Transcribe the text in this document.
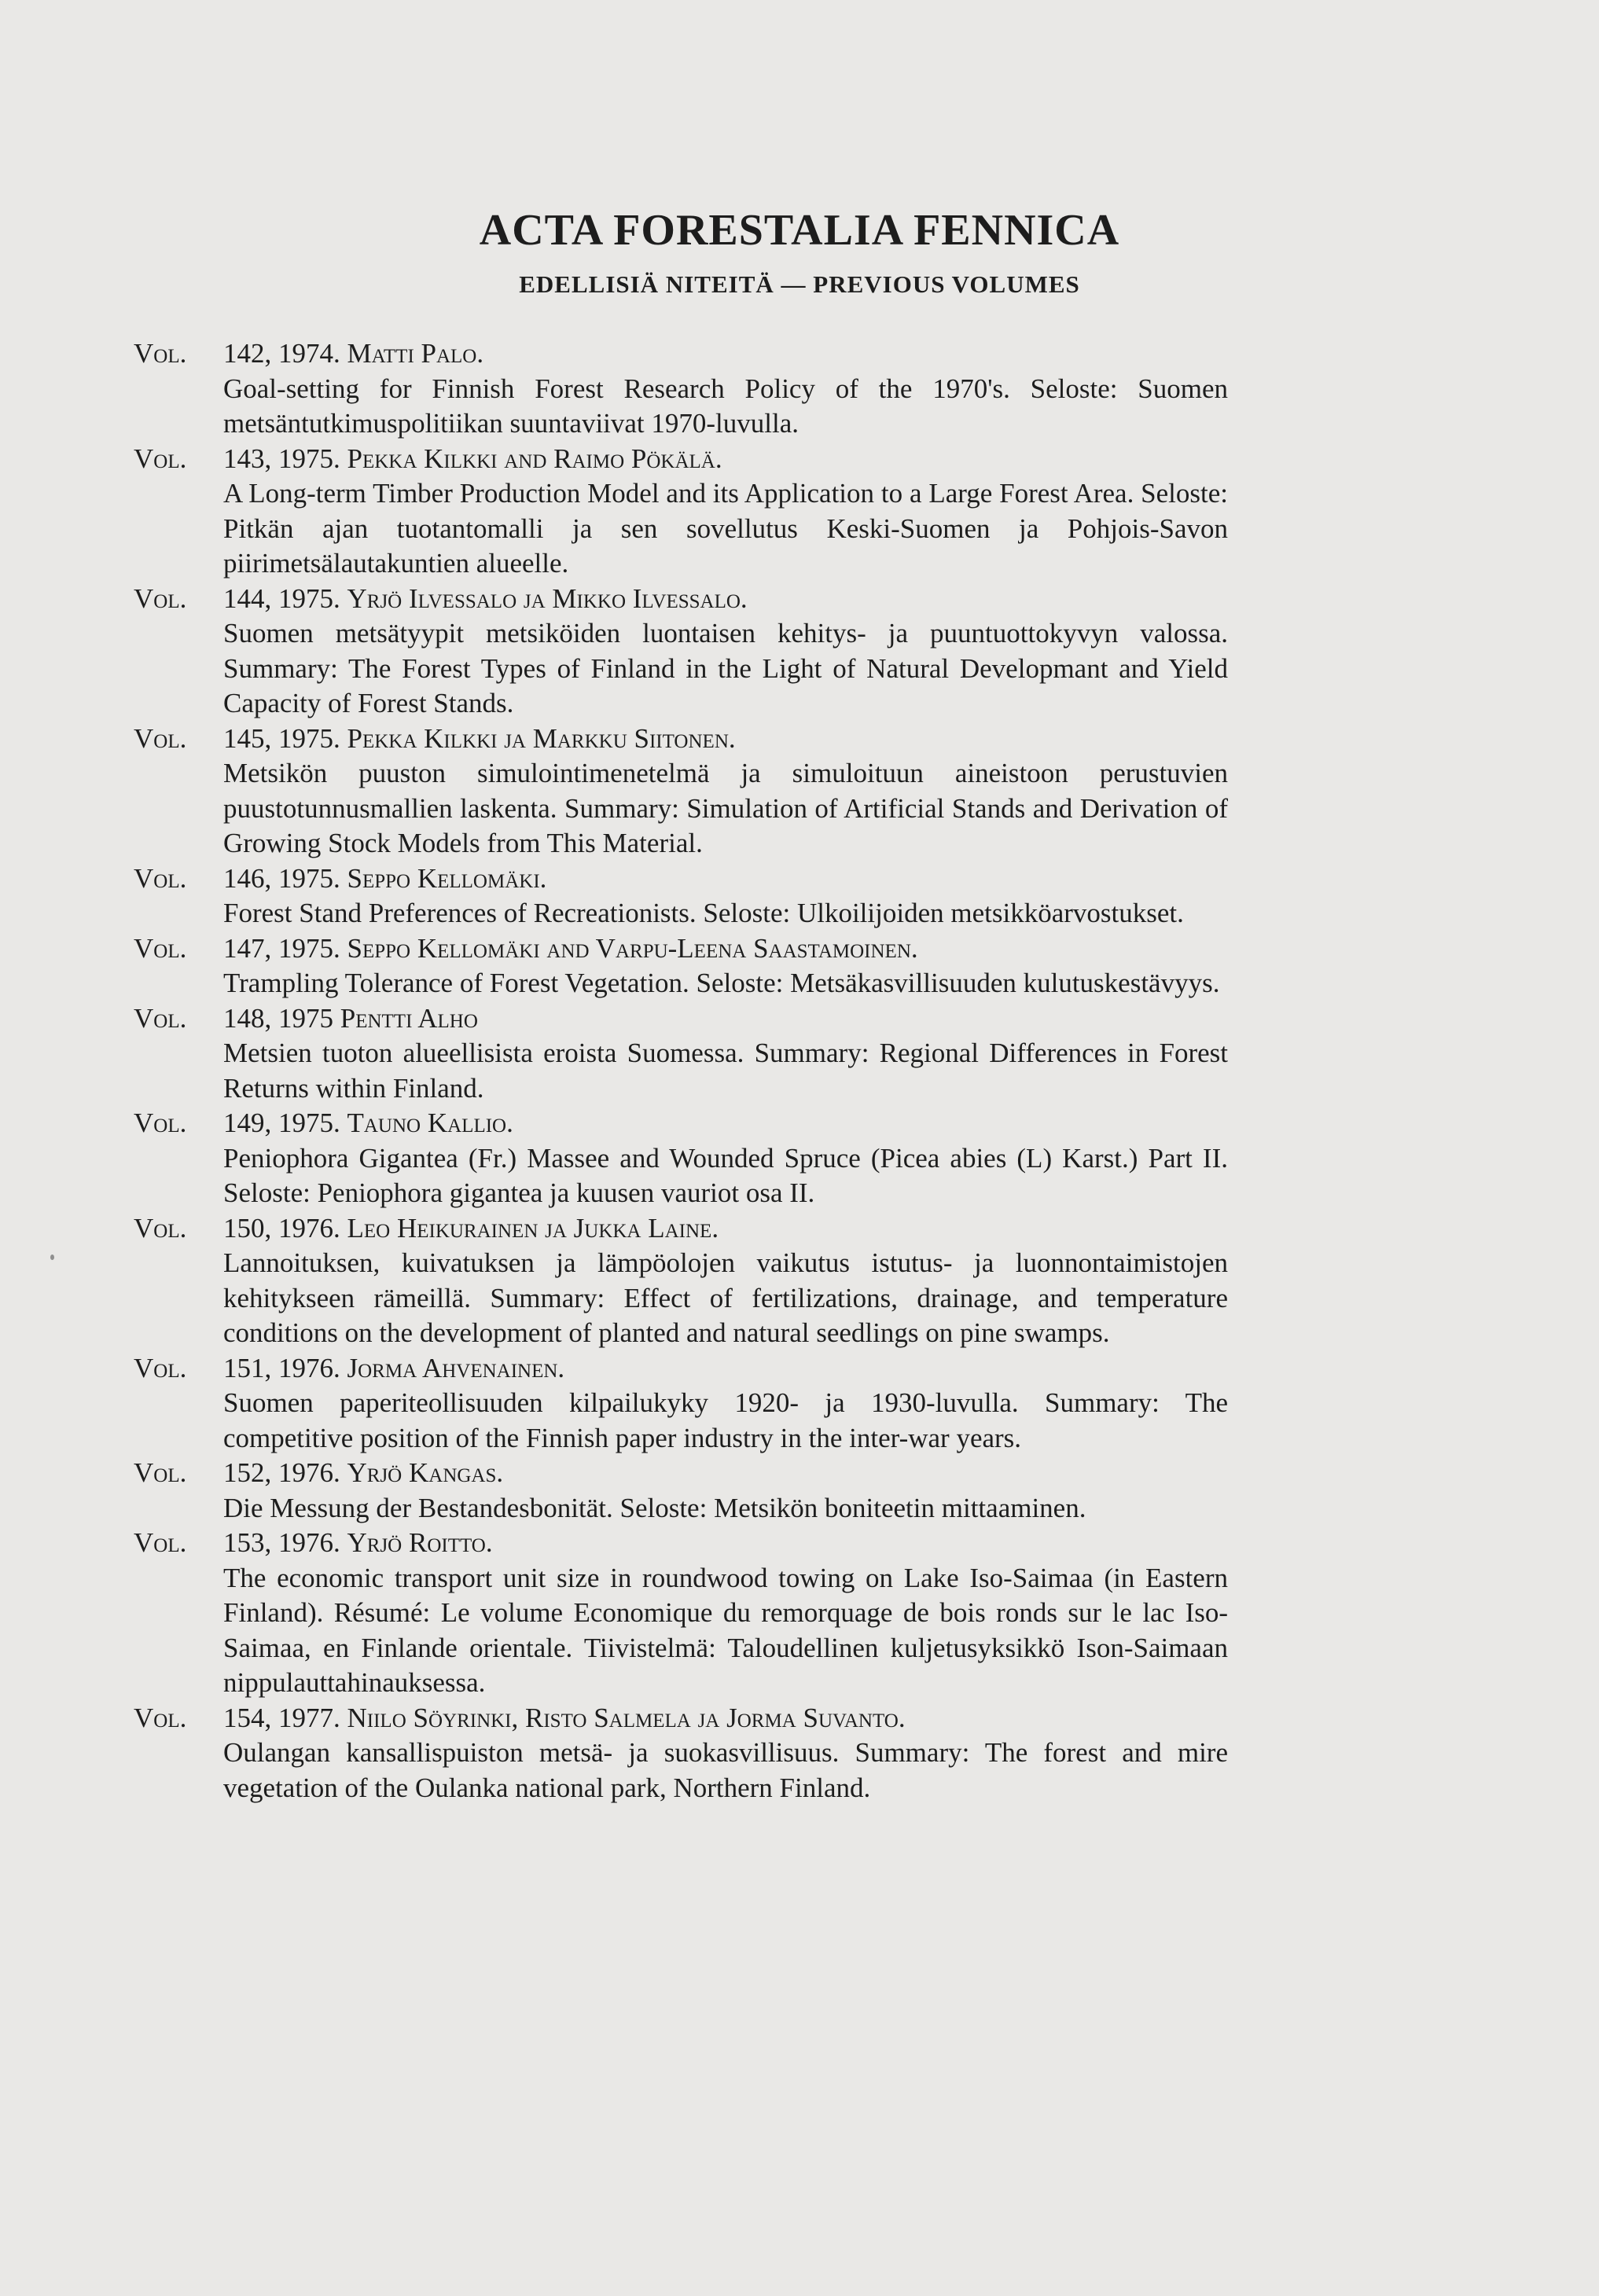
ACTA FORESTALIA FENNICA
EDELLISIÄ NITEITÄ — PREVIOUS VOLUMES
Vol.	142, 1974. Matti Palo.
Goal-setting for Finnish Forest Research Policy of the 1970's. Seloste: Suomen metsäntutkimuspolitiikan suuntaviivat 1970-luvulla.
Vol.	143, 1975. Pekka Kilkki and Raimo Pökälä.
A Long-term Timber Production Model and its Application to a Large Forest Area. Seloste: Pitkän ajan tuotantomalli ja sen sovellutus Keski-Suomen ja Pohjois-Savon piirimetsälautakuntien alueelle.
Vol.	144, 1975. Yrjö Ilvessalo ja Mikko Ilvessalo.
Suomen metsätyypit metsiköiden luontaisen kehitys- ja puuntuottokyvyn valossa. Summary: The Forest Types of Finland in the Light of Natural Developmant and Yield Capacity of Forest Stands.
Vol.	145, 1975. Pekka Kilkki ja Markku Siitonen.
Metsikön puuston simulointimenetelmä ja simuloituun aineistoon perustuvien puustotunnusmallien laskenta. Summary: Simulation of Artificial Stands and Derivation of Growing Stock Models from This Material.
Vol.	146, 1975. Seppo Kellomäki.
Forest Stand Preferences of Recreationists. Seloste: Ulkoilijoiden metsikköarvostukset.
Vol.	147, 1975. Seppo Kellomäki and Varpu-Leena Saastamoinen.
Trampling Tolerance of Forest Vegetation. Seloste: Metsäkasvillisuuden kulutuskestävyys.
Vol.	148, 1975 Pentti Alho
Metsien tuoton alueellisista eroista Suomessa. Summary: Regional Differences in Forest Returns within Finland.
Vol.	149, 1975. Tauno Kallio.
Peniophora Gigantea (Fr.) Massee and Wounded Spruce (Picea abies (L) Karst.) Part II. Seloste: Peniophora gigantea ja kuusen vauriot osa II.
Vol.	150, 1976. Leo Heikurainen ja Jukka Laine.
Lannoituksen, kuivatuksen ja lämpöolojen vaikutus istutus- ja luonnontaimistojen kehitykseen rämeillä. Summary: Effect of fertilizations, drainage, and temperature conditions on the development of planted and natural seedlings on pine swamps.
Vol.	151, 1976. Jorma Ahvenainen.
Suomen paperiteollisuuden kilpailukyky 1920- ja 1930-luvulla. Summary: The competitive position of the Finnish paper industry in the inter-war years.
Vol.	152, 1976. Yrjö Kangas.
Die Messung der Bestandesbonität. Seloste: Metsikön boniteetin mittaaminen.
Vol.	153, 1976. Yrjö Roitto.
The economic transport unit size in roundwood towing on Lake Iso-Saimaa (in Eastern Finland). Résumé: Le volume Economique du remorquage de bois ronds sur le lac Iso-Saimaa, en Finlande orientale. Tiivistelmä: Taloudellinen kuljetusyksikkö Ison-Saimaan nippulauttahinauksessa.
Vol.	154, 1977. Niilo Söyrinki, Risto Salmela ja Jorma Suvanto.
Oulangan kansallispuiston metsä- ja suokasvillisuus. Summary: The forest and mire vegetation of the Oulanka national park, Northern Finland.
